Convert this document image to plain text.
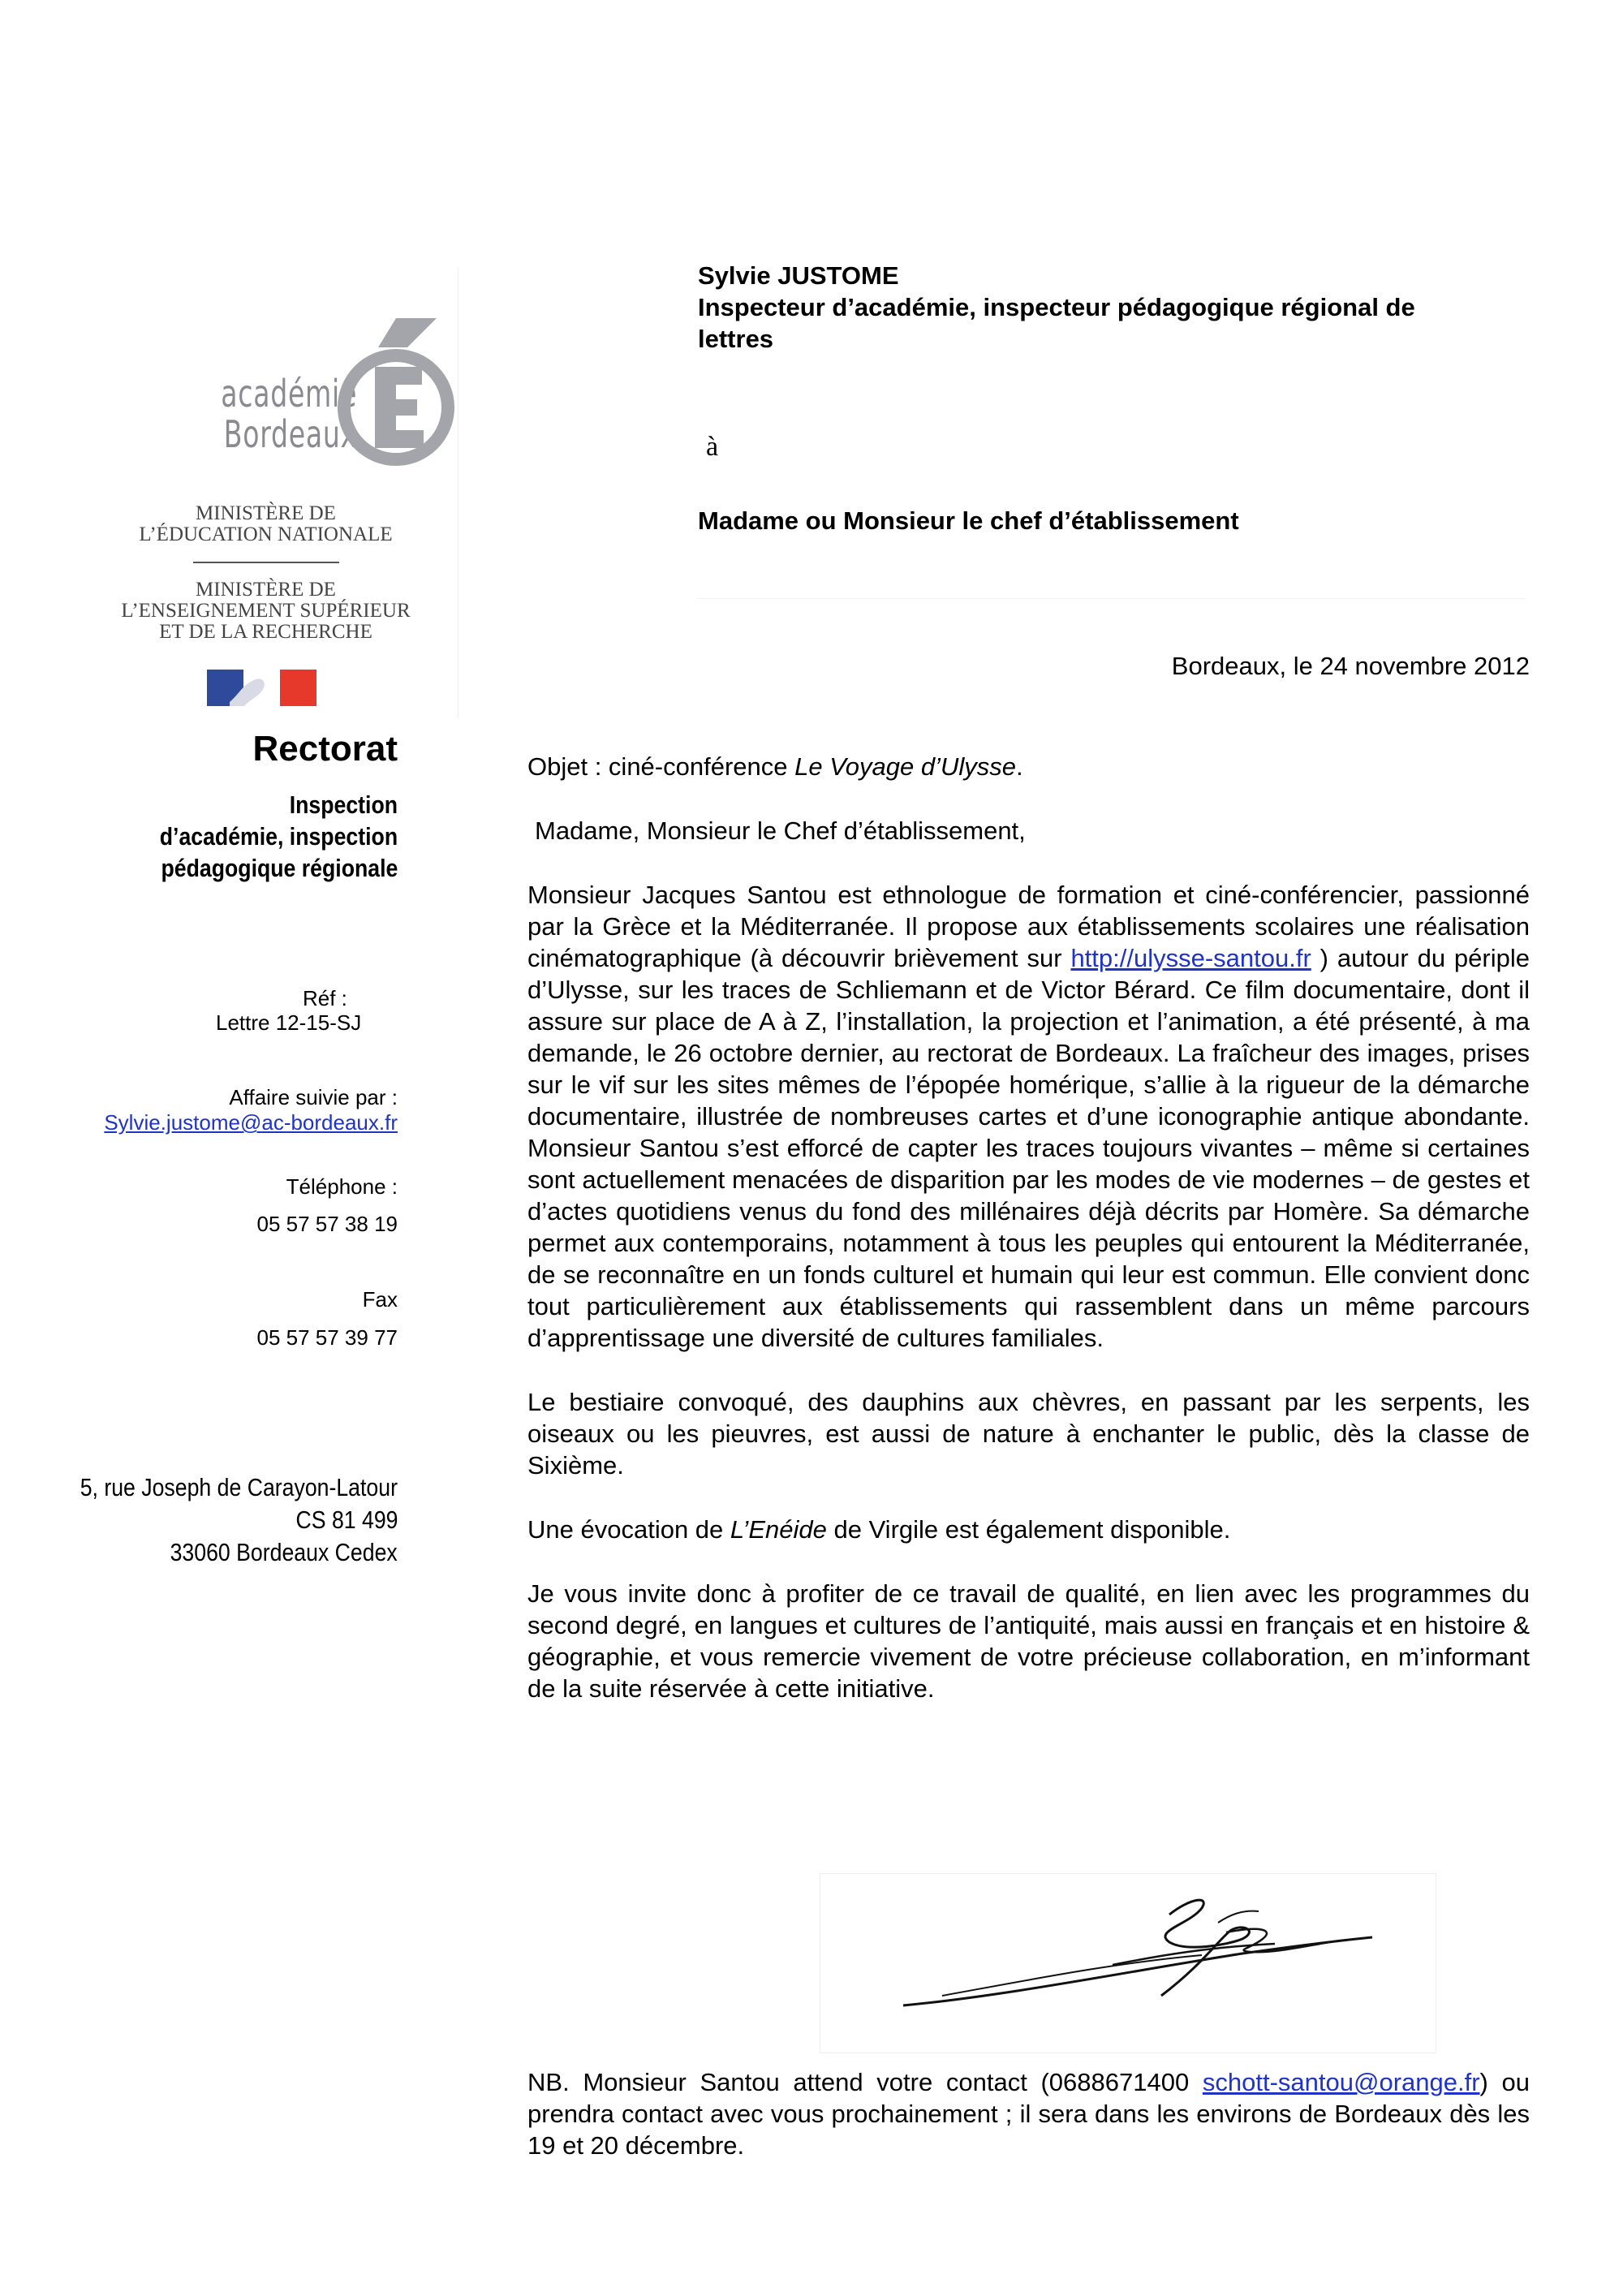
académie
Bordeaux
MINISTÈRE DE
L’ÉDUCATION NATIONALE
MINISTÈRE DE
L’ENSEIGNEMENT SUPÉRIEUR
ET DE LA RECHERCHE
Rectorat
Inspection
d’académie, inspection
pédagogique régionale
Réf :
Lettre 12-15-SJ
Affaire suivie par :
Sylvie.justome@ac-bordeaux.fr
Téléphone :
05 57 57 38 19
Fax
05 57 57 39 77
5, rue Joseph de Carayon-Latour
CS 81 499
33060 Bordeaux Cedex
Sylvie JUSTOME
Inspecteur d’académie, inspecteur pédagogique régional de
lettres
à
Madame ou Monsieur le chef d’établissement
Bordeaux, le 24 novembre 2012

Objet : ciné-conférence Le Voyage d’Ulysse.

Madame, Monsieur le Chef d’établissement,

Monsieur Jacques Santou est ethnologue de formation et ciné-conférencier, passionné par la Grèce et la Méditerranée. Il propose aux établissements scolaires une réalisation cinématographique (à découvrir brièvement sur http://ulysse-santou.fr ) autour du périple d’Ulysse, sur les traces de Schliemann et de Victor Bérard. Ce film documentaire, dont il assure sur place de A à Z, l’installation, la projection et l’animation, a été présenté, à ma demande, le 26 octobre dernier, au rectorat de Bordeaux. La fraîcheur des images, prises sur le vif sur les sites mêmes de l’épopée homérique, s’allie à la rigueur de la démarche documentaire, illustrée de nombreuses cartes et d’une iconographie antique abondante. Monsieur Santou s’est efforcé de capter les traces toujours vivantes – même si certaines sont actuellement menacées de disparition par les modes de vie modernes – de gestes et d’actes quotidiens venus du fond des millénaires déjà décrits par Homère. Sa démarche permet aux contemporains, notamment à tous les peuples qui entourent la Méditerranée, de se reconnaître en un fonds culturel et humain qui leur est commun. Elle convient donc tout particulièrement aux établissements qui rassemblent dans un même parcours d’apprentissage une diversité de cultures familiales.

Le bestiaire convoqué, des dauphins aux chèvres, en passant par les serpents, les oiseaux ou les pieuvres, est aussi de nature à enchanter le public, dès la classe de Sixième.

Une évocation de L’Enéide de Virgile est également disponible.

Je vous invite donc à profiter de ce travail de qualité, en lien avec les programmes du second degré, en langues et cultures de l’antiquité, mais aussi en français et en histoire & géographie, et vous remercie vivement de votre précieuse collaboration, en m’informant de la suite réservée à cette initiative.

NB. Monsieur Santou attend votre contact (0688671400 schott-santou@orange.fr) ou prendra contact avec vous prochainement ; il sera dans les environs de Bordeaux dès les 19 et 20 décembre.
